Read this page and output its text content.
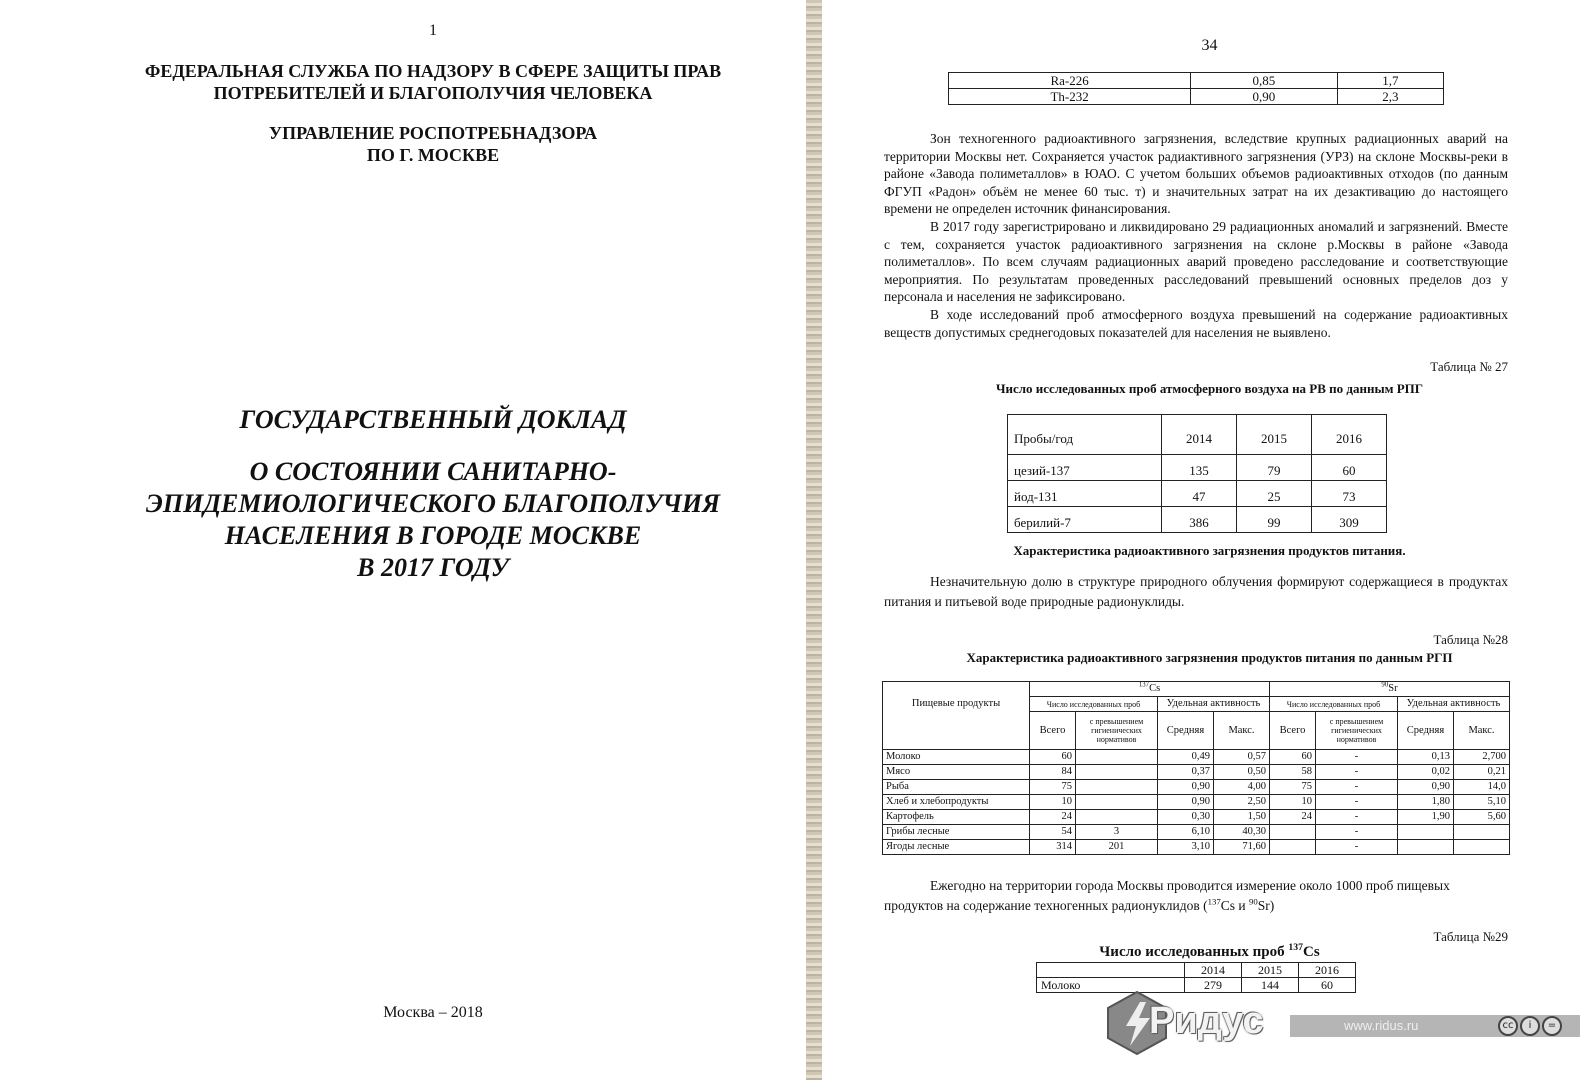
1
ФЕДЕРАЛЬНАЯ СЛУЖБА ПО НАДЗОРУ В СФЕРЕ ЗАЩИТЫ ПРАВ
ПОТРЕБИТЕЛЕЙ И БЛАГОПОЛУЧИЯ ЧЕЛОВЕКА
УПРАВЛЕНИЕ РОСПОТРЕБНАДЗОРА
ПО Г. МОСКВЕ
ГОСУДАРСТВЕННЫЙ ДОКЛАД
О СОСТОЯНИИ САНИТАРНО-
ЭПИДЕМИОЛОГИЧЕСКОГО БЛАГОПОЛУЧИЯ
НАСЕЛЕНИЯ В ГОРОДЕ МОСКВЕ
В 2017 ГОДУ
Москва – 2018
34
Ra-226	0,85	1,7
Th-232	0,90	2,3

Зон техногенного радиоактивного загрязнения, вследствие крупных радиационных аварий на территории Москвы нет. Сохраняется участок радиактивного загрязнения (УРЗ) на склоне Москвы-реки в районе «Завода полиметаллов» в ЮАО. С учетом больших объемов радиоактивных отходов (по данным ФГУП «Радон» объём не менее 60 тыс. т) и значительных затрат на их дезактивацию до настоящего времени не определен источник финансирования.

В 2017 году зарегистрировано и ликвидировано 29 радиационных аномалий и загрязнений. Вместе с тем, сохраняется участок радиоактивного загрязнения на склоне р.Москвы в районе «Завода полиметаллов». По всем случаям радиационных аварий проведено расследование и соответствующие мероприятия. По результатам проведенных расследований превышений основных пределов доз у персонала и населения не зафиксировано.

В ходе исследований проб атмосферного воздуха превышений на содержание радиоактивных веществ допустимых среднегодовых показателей для населения не выявлено.

Таблица № 27
Число исследованных проб атмосферного воздуха на РВ по данным РПГ
Пробы/год	2014	2015	2016
цезий-137	135	79	60
йод-131	47	25	73
берилий-7	386	99	309
Характеристика радиоактивного загрязнения продуктов питания.

Незначительную долю в структуре природного облучения формируют содержащиеся в продуктах питания и питьевой воде природные радионуклиды.

Таблица №28
Характеристика радиоактивного загрязнения продуктов питания по данным РГП
	$^{137}$Cs				$^{90}$Sr			
Пищевые продукты	Число исследованных проб		Удельная активность		Число исследованных проб		Удельная активность	
	Всего	с превышением гигиенических нормативов	Средняя	Макс.	Всего	с превышением гигиенических нормативов	Средняя	Макс.
Молоко	60		0,49	0,57	60	-	0,13	2,700
Мясо	84		0,37	0,50	58	-	0,02	0,21
Рыба	75		0,90	4,00	75	-	0,90	14,0
Хлеб и хлебопродукты	10		0,90	2,50	10	-	1,80	5,10
Картофель	24		0,30	1,50	24	-	1,90	5,60
Грибы лесные	54	3	6,10	40,30		-		
Ягоды лесные	314	201	3,10	71,60		-		

Ежегодно на территории города Москвы проводится измерение около 1000 проб пищевых продуктов на содержание техногенных радионуклидов ($^{137}$Cs и $^{90}$Sr)

Таблица №29
Число исследованных проб $^{137}$Cs
	2014	2015	2016
Молоко	279	144	60
Ридус	www.ridus.ru	cc	i	=
